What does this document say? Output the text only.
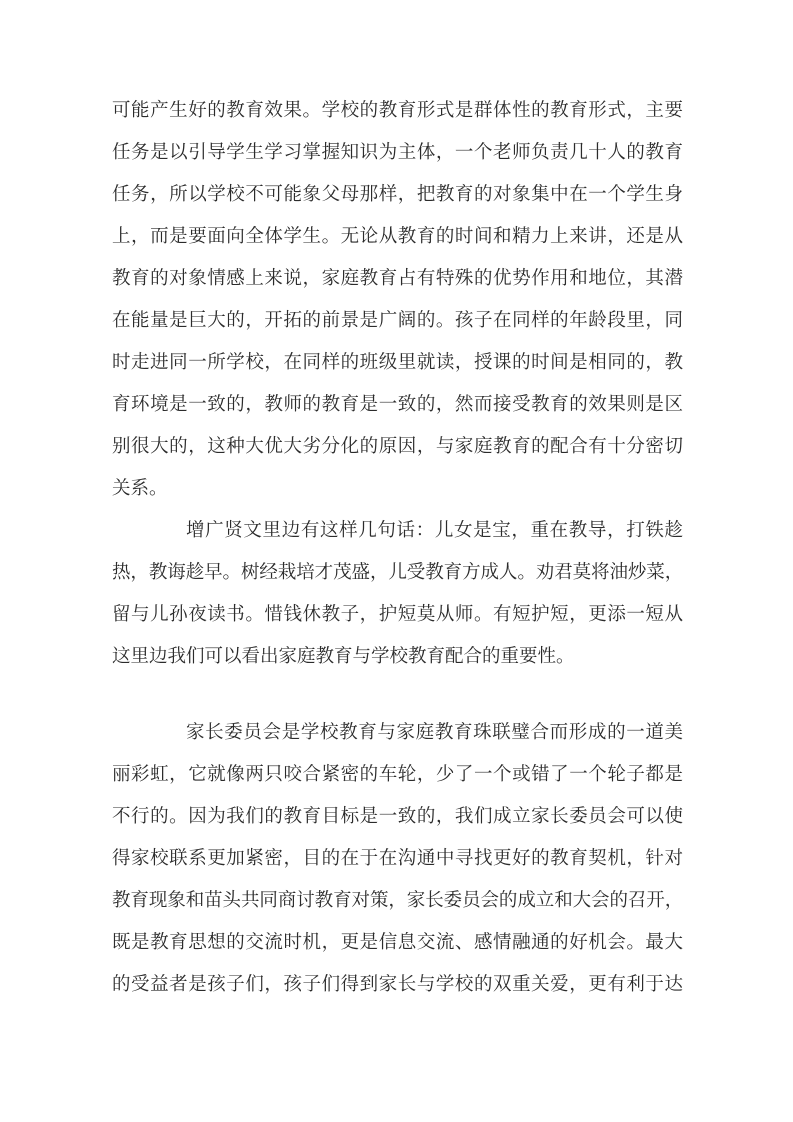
可能产生好的教育效果。学校的教育形式是群体性的教育形式，主要
任务是以引导学生学习掌握知识为主体，一个老师负责几十人的教育
任务，所以学校不可能象父母那样，把教育的对象集中在一个学生身
上，而是要面向全体学生。无论从教育的时间和精力上来讲，还是从
教育的对象情感上来说，家庭教育占有特殊的优势作用和地位，其潜
在能量是巨大的，开拓的前景是广阔的。孩子在同样的年龄段里，同
时走进同一所学校，在同样的班级里就读，授课的时间是相同的，教
育环境是一致的，教师的教育是一致的，然而接受教育的效果则是区
别很大的，这种大优大劣分化的原因，与家庭教育的配合有十分密切
关系。
增广贤文里边有这样几句话：儿女是宝，重在教导，打铁趁
热，教诲趁早。树经栽培才茂盛，儿受教育方成人。劝君莫将油炒菜，
留与儿孙夜读书。惜钱休教子，护短莫从师。有短护短，更添一短从
这里边我们可以看出家庭教育与学校教育配合的重要性。
家长委员会是学校教育与家庭教育珠联璧合而形成的一道美
丽彩虹，它就像两只咬合紧密的车轮，少了一个或错了一个轮子都是
不行的。因为我们的教育目标是一致的，我们成立家长委员会可以使
得家校联系更加紧密，目的在于在沟通中寻找更好的教育契机，针对
教育现象和苗头共同商讨教育对策，家长委员会的成立和大会的召开，
既是教育思想的交流时机，更是信息交流、感情融通的好机会。最大
的受益者是孩子们，孩子们得到家长与学校的双重关爱，更有利于达
